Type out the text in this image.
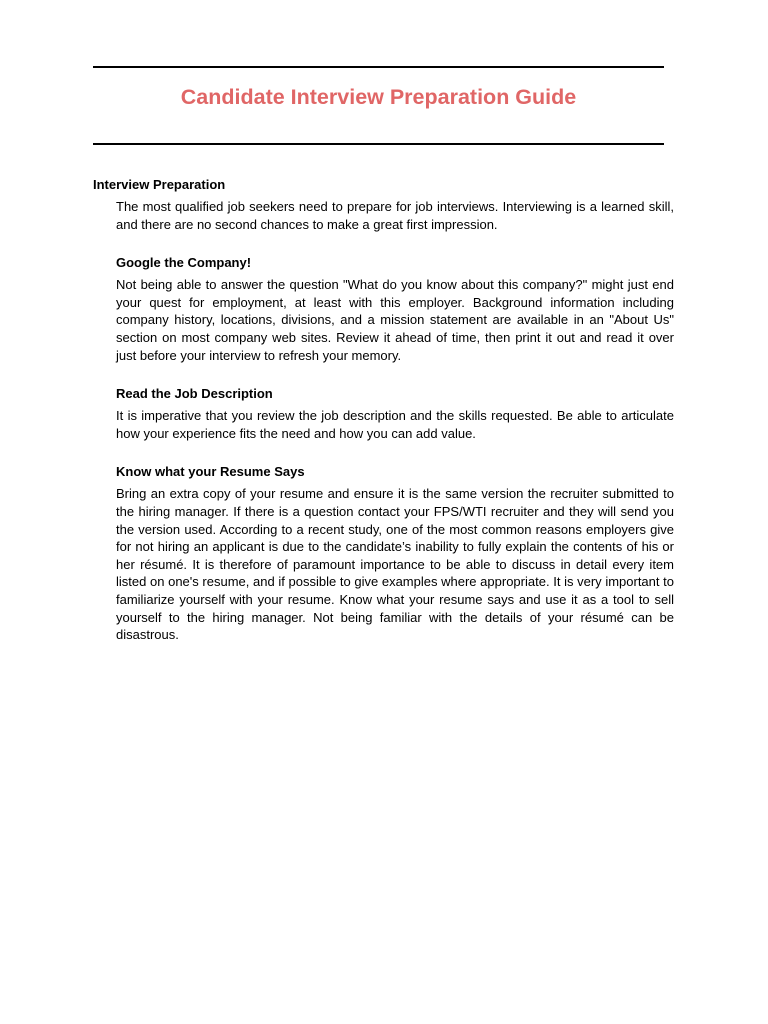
Candidate Interview Preparation Guide
Interview Preparation

The most qualified job seekers need to prepare for job interviews. Interviewing is a learned skill, and there are no second chances to make a great first impression.

Google the Company!

Not being able to answer the question "What do you know about this company?" might just end your quest for employment, at least with this employer. Background information including company history, locations, divisions, and a mission statement are available in an "About Us" section on most company web sites. Review it ahead of time, then print it out and read it over just before your interview to refresh your memory.

Read the Job Description

It is imperative that you review the job description and the skills requested. Be able to articulate how your experience fits the need and how you can add value.

Know what your Resume Says

Bring an extra copy of your resume and ensure it is the same version the recruiter submitted to the hiring manager. If there is a question contact your FPS/WTI recruiter and they will send you the version used. According to a recent study, one of the most common reasons employers give for not hiring an applicant is due to the candidate’s inability to fully explain the contents of his or her résumé. It is therefore of paramount importance to be able to discuss in detail every item listed on one's resume, and if possible to give examples where appropriate. It is very important to familiarize yourself with your resume. Know what your resume says and use it as a tool to sell yourself to the hiring manager. Not being familiar with the details of your résumé can be disastrous.
